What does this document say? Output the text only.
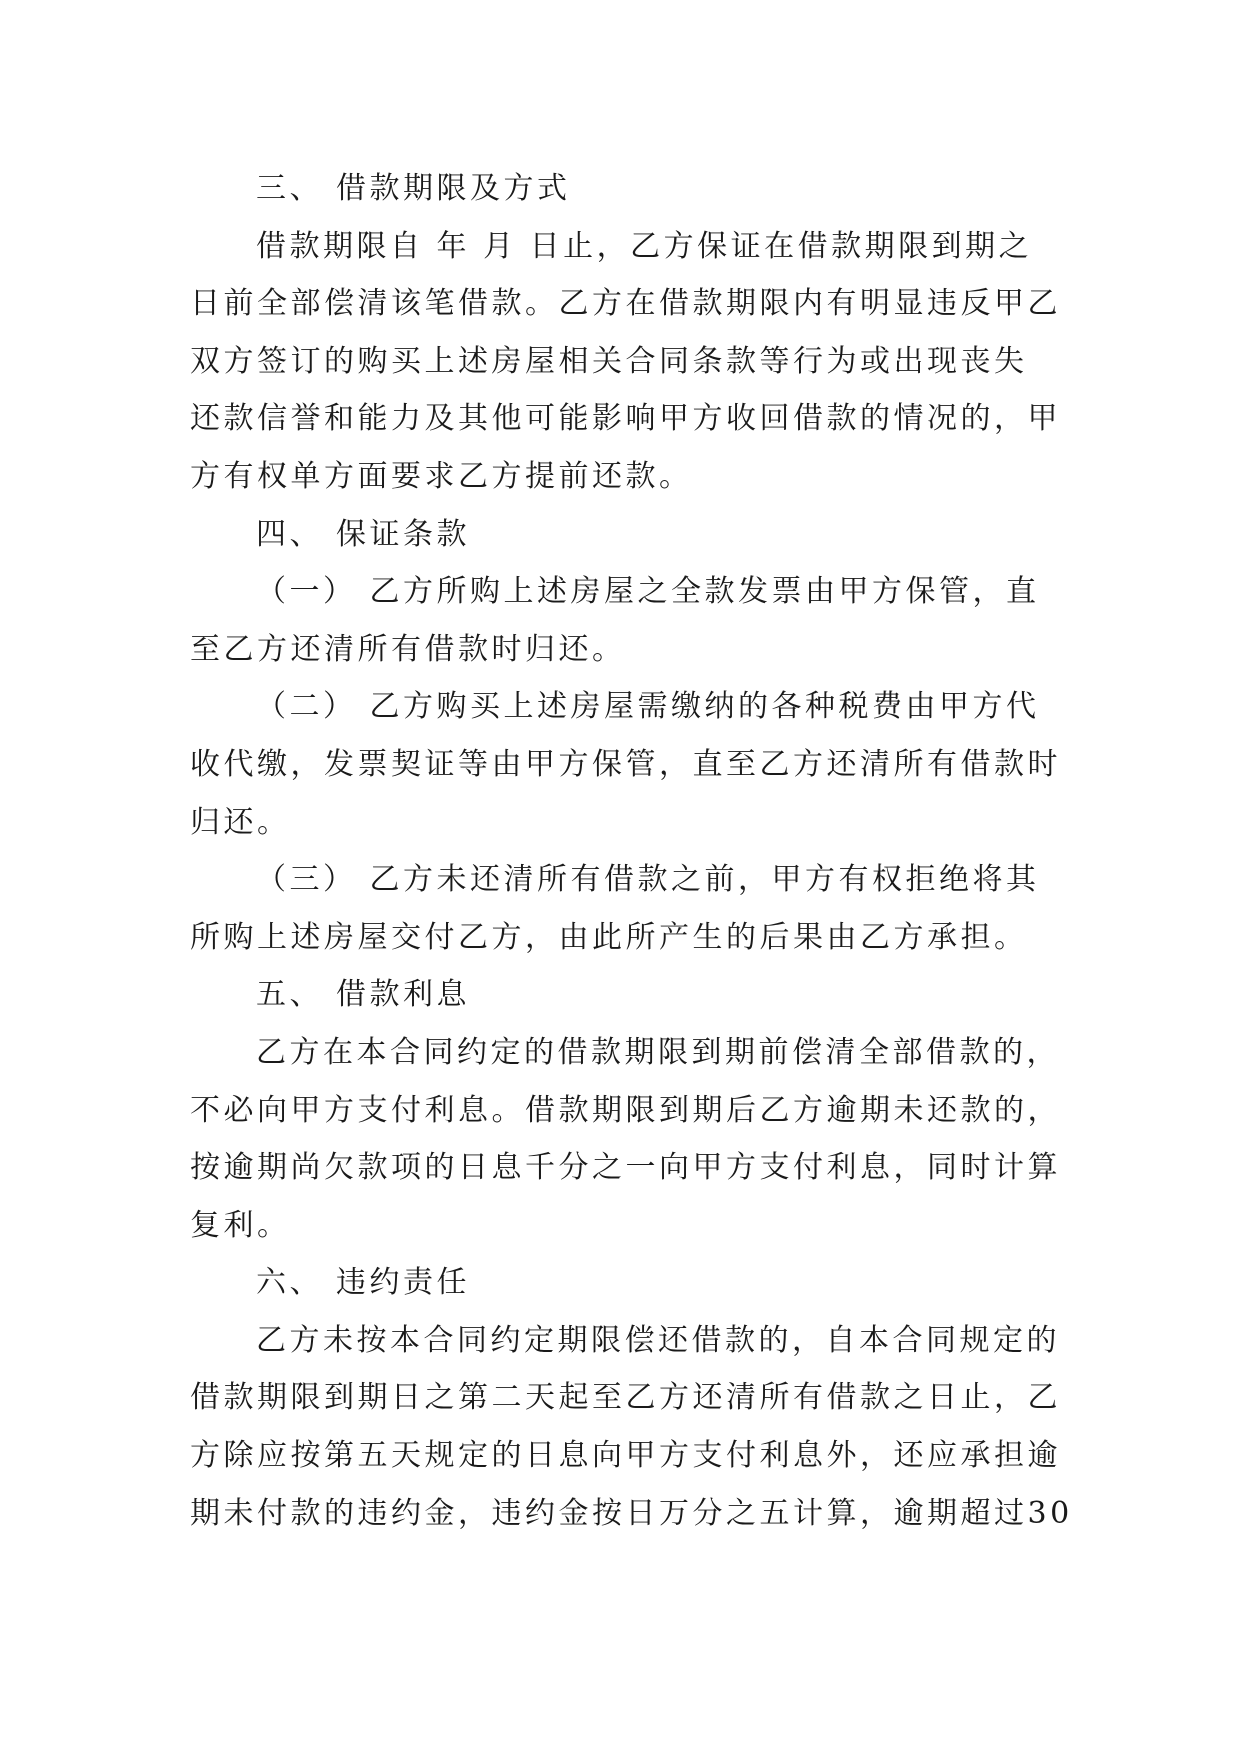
三、 借款期限及方式
借款期限自 年 月 日止，乙方保证在借款期限到期之
日前全部偿清该笔借款。乙方在借款期限内有明显违反甲乙
双方签订的购买上述房屋相关合同条款等行为或出现丧失
还款信誉和能力及其他可能影响甲方收回借款的情况的，甲
方有权单方面要求乙方提前还款。
四、 保证条款
（一） 乙方所购上述房屋之全款发票由甲方保管，直
至乙方还清所有借款时归还。
（二） 乙方购买上述房屋需缴纳的各种税费由甲方代
收代缴，发票契证等由甲方保管，直至乙方还清所有借款时
归还。
（三） 乙方未还清所有借款之前，甲方有权拒绝将其
所购上述房屋交付乙方，由此所产生的后果由乙方承担。
五、 借款利息
乙方在本合同约定的借款期限到期前偿清全部借款的，
不必向甲方支付利息。借款期限到期后乙方逾期未还款的，
按逾期尚欠款项的日息千分之一向甲方支付利息，同时计算
复利。
六、 违约责任
乙方未按本合同约定期限偿还借款的，自本合同规定的
借款期限到期日之第二天起至乙方还清所有借款之日止，乙
方除应按第五天规定的日息向甲方支付利息外，还应承担逾
期未付款的违约金，违约金按日万分之五计算，逾期超过30
